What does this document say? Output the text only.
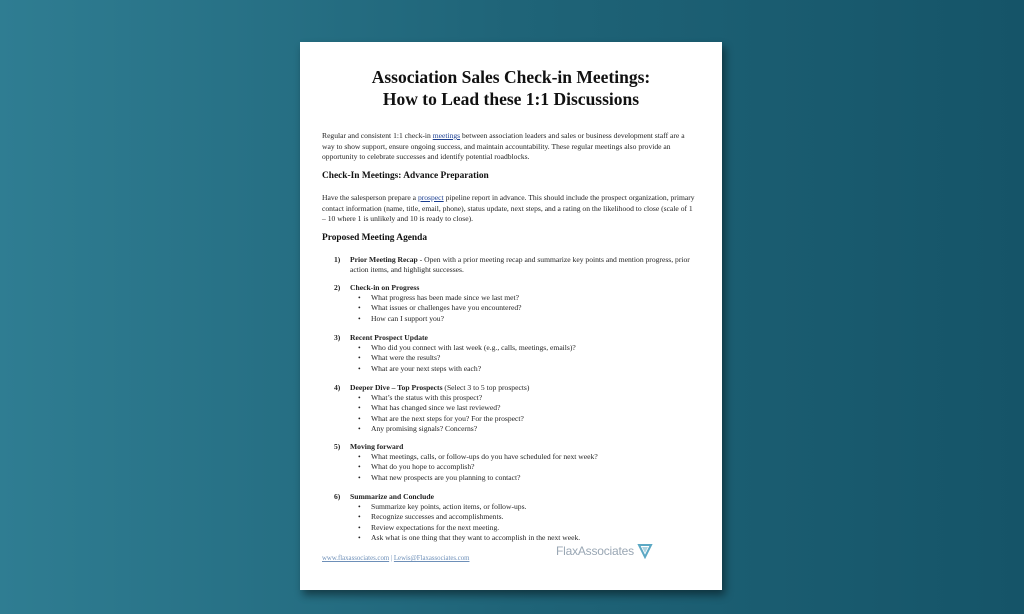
Association Sales Check-in Meetings:
How to Lead these 1:1 Discussions
Regular and consistent 1:1 check-in meetings between association leaders and sales or business development staff are a way to show support, ensure ongoing success, and maintain accountability. These regular meetings also provide an opportunity to celebrate successes and identify potential roadblocks.
Check-In Meetings: Advance Preparation
Have the salesperson prepare a prospect pipeline report in advance. This should include the prospect organization, primary contact information (name, title, email, phone), status update, next steps, and a rating on the likelihood to close (scale of 1 – 10 where 1 is unlikely and 10 is ready to close).
Proposed Meeting Agenda
1) Prior Meeting Recap - Open with a prior meeting recap and summarize key points and mention progress, prior action items, and highlight successes.
2) Check-in on Progress
• What progress has been made since we last met?
• What issues or challenges have you encountered?
• How can I support you?
3) Recent Prospect Update
• Who did you connect with last week (e.g., calls, meetings, emails)?
• What were the results?
• What are your next steps with each?
4) Deeper Dive – Top Prospects (Select 3 to 5 top prospects)
• What’s the status with this prospect?
• What has changed since we last reviewed?
• What are the next steps for you? For the prospect?
• Any promising signals? Concerns?
5) Moving forward
• What meetings, calls, or follow-ups do you have scheduled for next week?
• What do you hope to accomplish?
• What new prospects are you planning to contact?
6) Summarize and Conclude
• Summarize key points, action items, or follow-ups.
• Recognize successes and accomplishments.
• Review expectations for the next meeting.
• Ask what is one thing that they want to accomplish in the next week.
www.flaxassociates.com | Lewis@Flaxassociates.com
FlaxAssociates
